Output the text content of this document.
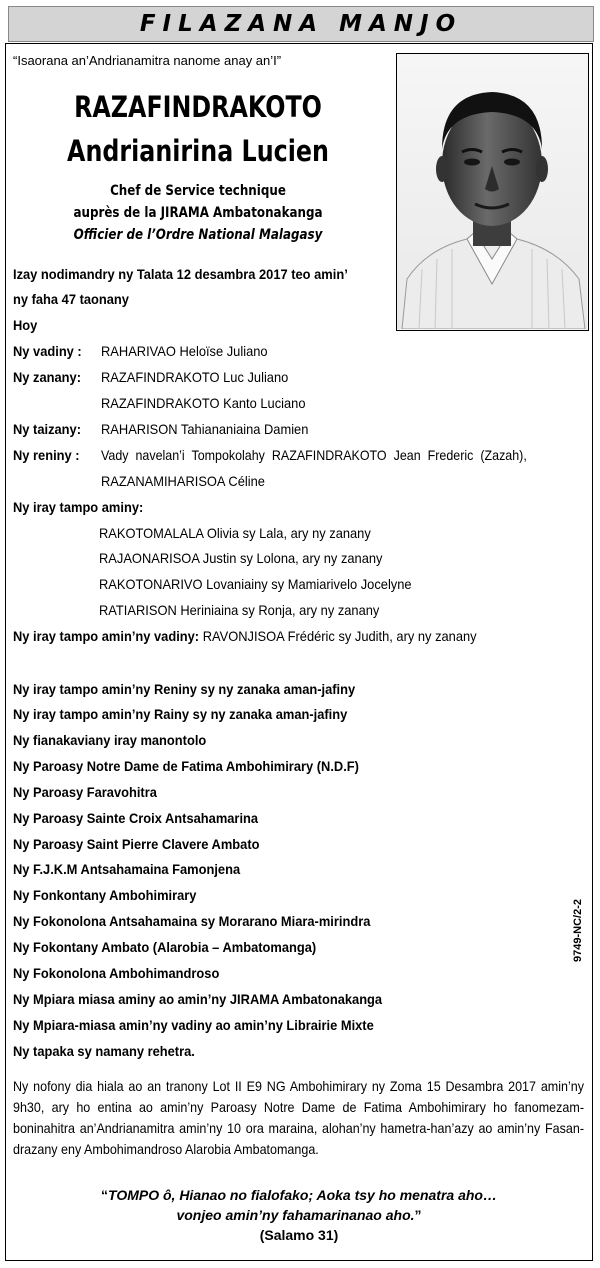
FILAZANA MANJO
“Isaorana an’Andrianamitra nanome anay an’I”
RAZAFINDRAKOTO
Andrianirina Lucien
Chef de Service technique
auprès de la JIRAMA Ambatonakanga
Officier de l’Ordre National Malagasy
Izay nodimandry ny Talata 12 desambra 2017 teo amin’
ny faha 47 taonany
Hoy
Ny vadiny : RAHARIVAO Heloïse Juliano
Ny zanany: RAZAFINDRAKOTO Luc Juliano
RAZAFINDRAKOTO Kanto Luciano
Ny taizany: RAHARISON Tahiananiaina Damien
Ny reniny : Vady navelan’i Tompokolahy RAZAFINDRAKOTO Jean Frederic (Zazah),
RAZANAMIHARISOA Céline
Ny iray tampo aminy:
RAKOTOMALALA Olivia sy Lala, ary ny zanany
RAJAONARISOA Justin sy Lolona, ary ny zanany
RAKOTONARIVO Lovaniainy sy Mamiarivelo Jocelyne
RATIARISON Heriniaina sy Ronja, ary ny zanany
Ny iray tampo amin’ny vadiny: RAVONJISOA Frédéric sy Judith, ary ny zanany
Ny iray tampo amin’ny Reniny sy ny zanaka aman-jafiny
Ny iray tampo amin’ny Rainy sy ny zanaka aman-jafiny
Ny fianakaviany iray manontolo
Ny Paroasy Notre Dame de Fatima Ambohimirary (N.D.F)
Ny Paroasy Faravohitra
Ny Paroasy Sainte Croix Antsahamarina
Ny Paroasy Saint Pierre Clavere Ambato
Ny F.J.K.M Antsahamaina Famonjena
Ny Fonkontany Ambohimirary
Ny Fokonolona Antsahamaina sy Morarano Miara-mirindra
Ny Fokontany Ambato (Alarobia – Ambatomanga)
Ny Fokonolona Ambohimandroso
Ny Mpiara miasa aminy ao amin’ny JIRAMA Ambatonakanga
Ny Mpiara-miasa amin’ny vadiny ao amin’ny Librairie Mixte
Ny tapaka sy namany rehetra.
9749-NC/2-2
Ny nofony dia hiala ao an tranony Lot II E9 NG Ambohimirary ny Zoma 15 Desambra 2017 amin’ny 9h30, ary ho entina ao amin’ny Paroasy Notre Dame de Fatima Ambohimirary ho fanomezam-boninahitra an’Andrianamitra amin’ny 10 ora maraina, alohan’ny hametra-han’azy ao amin’ny Fasan-drazany eny Ambohimandroso Alarobia Ambatomanga.
“TOMPO ô, Hianao no fialofako; Aoka tsy ho menatra aho…
vonjeo amin’ny fahamarinanao aho.”
(Salamo 31)
